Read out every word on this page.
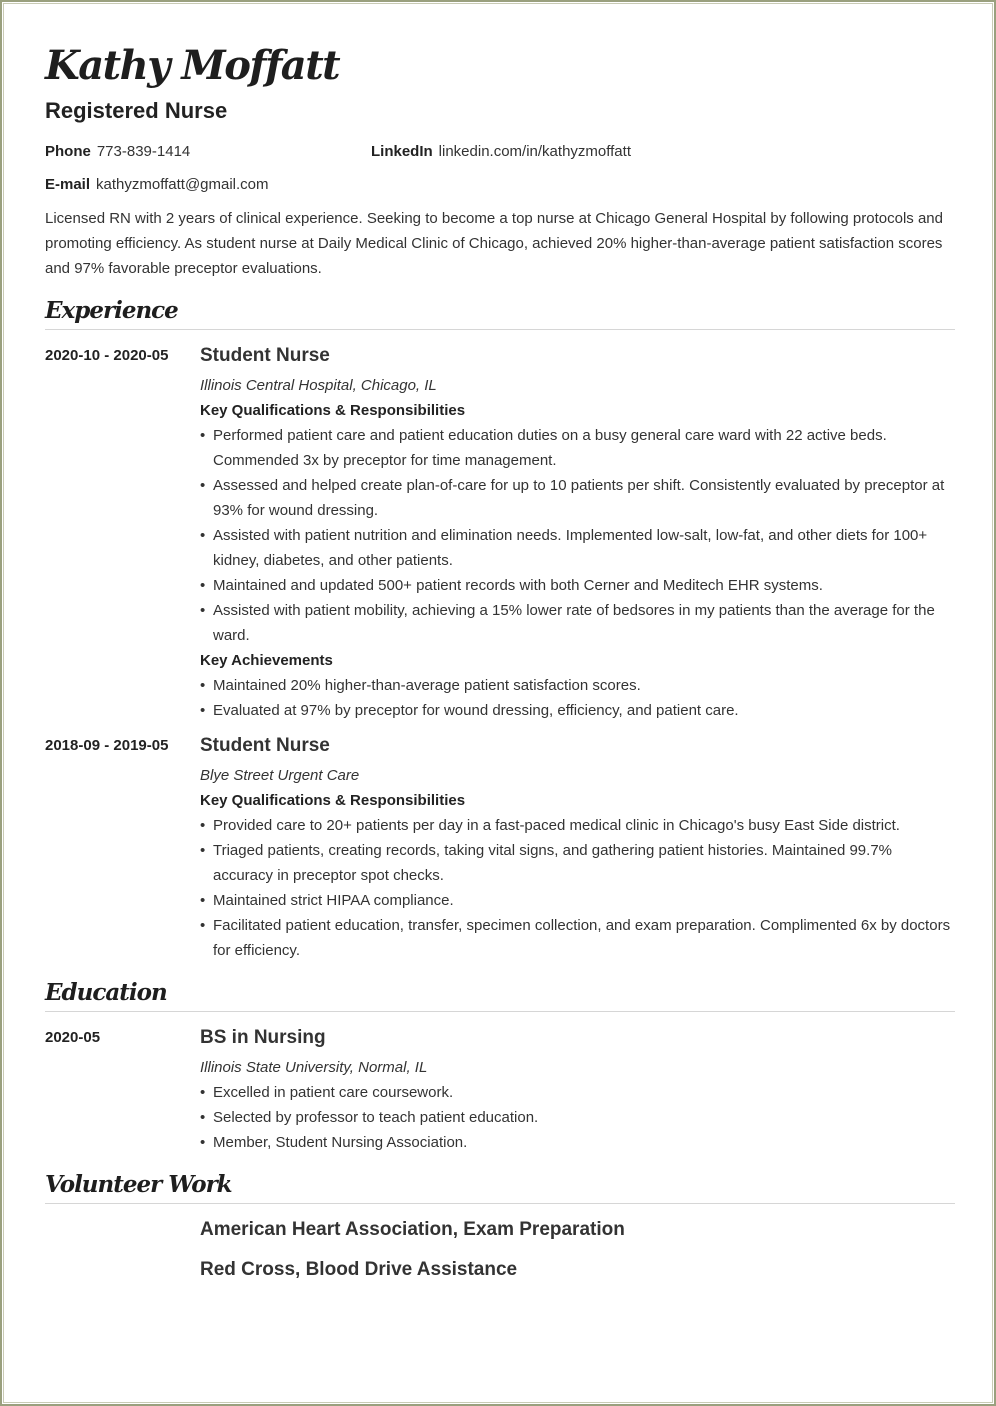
Kathy Moffatt
Registered Nurse
Phone 773-839-1414	LinkedIn linkedin.com/in/kathyzmoffatt
E-mail kathyzmoffatt@gmail.com

Licensed RN with 2 years of clinical experience. Seeking to become a top nurse at Chicago General Hospital by following protocols and promoting efficiency. As student nurse at Daily Medical Clinic of Chicago, achieved 20% higher-than-average patient satisfaction scores and 97% favorable preceptor evaluations.

Experience
2020-10 - 2020-05 Student Nurse
Illinois Central Hospital, Chicago, IL
Key Qualifications & Responsibilities
• Performed patient care and patient education duties on a busy general care ward with 22 active beds. Commended 3x by preceptor for time management.
• Assessed and helped create plan-of-care for up to 10 patients per shift. Consistently evaluated by preceptor at 93% for wound dressing.
• Assisted with patient nutrition and elimination needs. Implemented low-salt, low-fat, and other diets for 100+ kidney, diabetes, and other patients.
• Maintained and updated 500+ patient records with both Cerner and Meditech EHR systems.
• Assisted with patient mobility, achieving a 15% lower rate of bedsores in my patients than the average for the ward.
Key Achievements
• Maintained 20% higher-than-average patient satisfaction scores.
• Evaluated at 97% by preceptor for wound dressing, efficiency, and patient care.
2018-09 - 2019-05 Student Nurse
Blye Street Urgent Care
Key Qualifications & Responsibilities
• Provided care to 20+ patients per day in a fast-paced medical clinic in Chicago's busy East Side district.
• Triaged patients, creating records, taking vital signs, and gathering patient histories. Maintained 99.7% accuracy in preceptor spot checks.
• Maintained strict HIPAA compliance.
• Facilitated patient education, transfer, specimen collection, and exam preparation. Complimented 6x by doctors for efficiency.
Education
2020-05	BS in Nursing
Illinois State University, Normal, IL
• Excelled in patient care coursework.
• Selected by professor to teach patient education.
• Member, Student Nursing Association.
Volunteer Work
American Heart Association, Exam Preparation
Red Cross, Blood Drive Assistance
